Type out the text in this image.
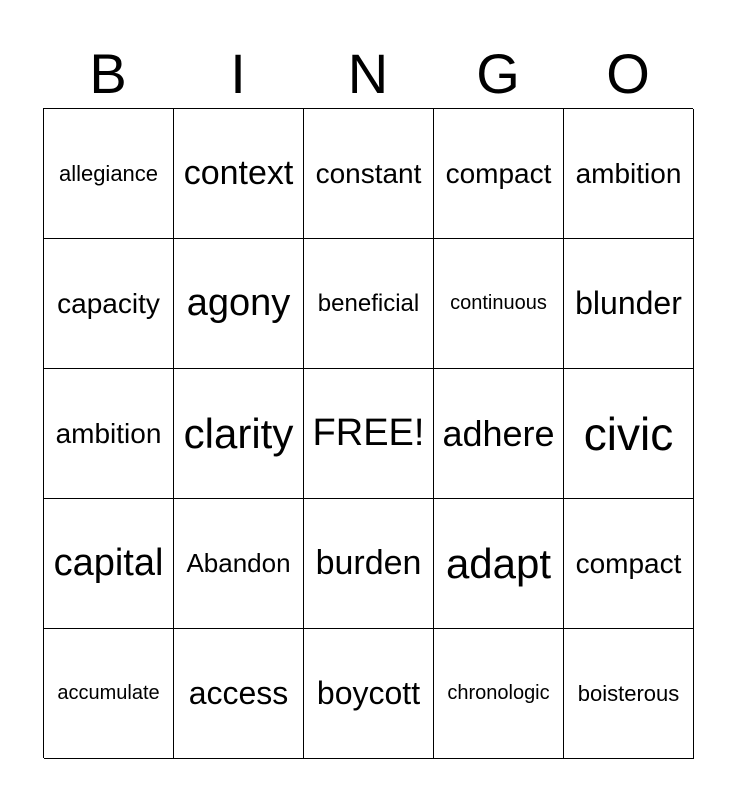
B	I	N	G	O
allegiance context constant compact ambition
capacity agony	beneficial	continuous blunder
ambition clarity FREE! adhere civic
capital Abandon burden adapt compact
accumulate access boycott	chronologic	boisterous
